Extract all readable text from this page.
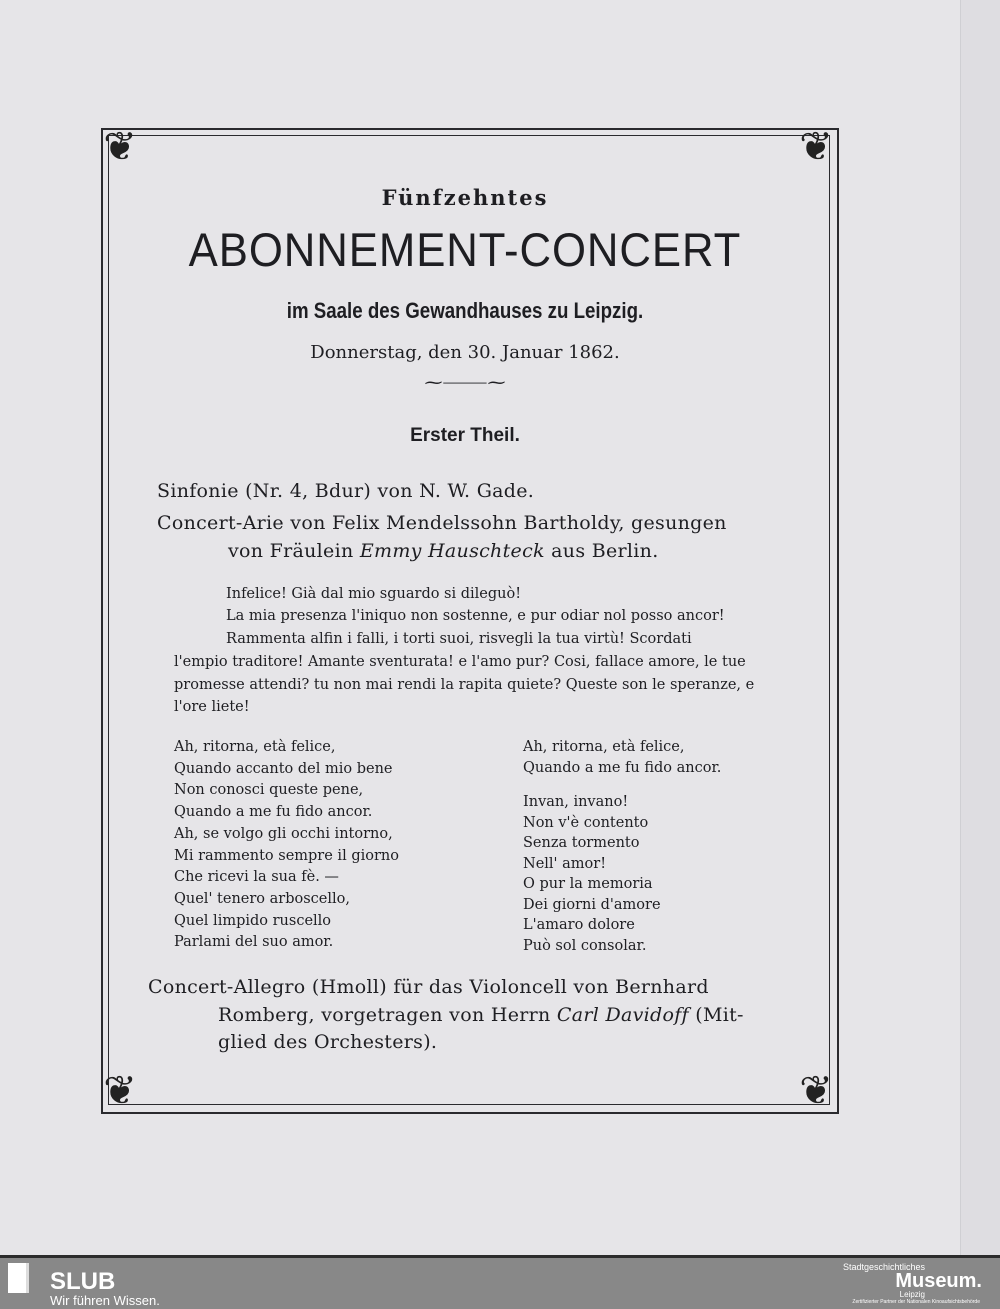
❦	❦
❦	❦
Fünfzehntes
ABONNEMENT-CONCERT
im Saale des Gewandhauses zu Leipzig.
Donnerstag, den 30. Januar 1862.
⁓⸻⁓
Erster Theil.
Sinfonie (Nr. 4, Bdur) von N. W. Gade.
Concert-Arie von Felix Mendelssohn Bartholdy, gesungen
von Fräulein Emmy Hauschteck aus Berlin.
Infelice! Già dal mio sguardo si dileguò!
La mia presenza l'iniquo non sostenne, e pur odiar nol posso ancor!
Rammenta alfin i falli, i torti suoi, risvegli la tua virtù! Scordati
l'empio traditore! Amante sventurata! e l'amo pur? Cosi, fallace amore, le tue
promesse attendi? tu non mai rendi la rapita quiete? Queste son le speranze, e
l'ore liete!
Ah, ritorna, età felice,
Quando accanto del mio bene
Non conosci queste pene,
Quando a me fu fido ancor.
Ah, se volgo gli occhi intorno,
Mi rammento sempre il giorno
Che ricevi la sua fè. —
Quel' tenero arboscello,
Quel limpido ruscello
Parlami del suo amor.
Ah, ritorna, età felice,
Quando a me fu fido ancor.
Invan, invano!
Non v'è contento
Senza tormento
Nell' amor!
O pur la memoria
Dei giorni d'amore
L'amaro dolore
Può sol consolar.
Concert-Allegro (Hmoll) für das Violoncell von Bernhard
Romberg, vorgetragen von Herrn Carl Davidoff (Mit-
glied des Orchesters).
SLUB
Wir führen Wissen.
Stadtgeschichtliches
Museum.
Leipzig
Zertifizierter Partner der Nationalen Kinoaufsichtsbehörde
